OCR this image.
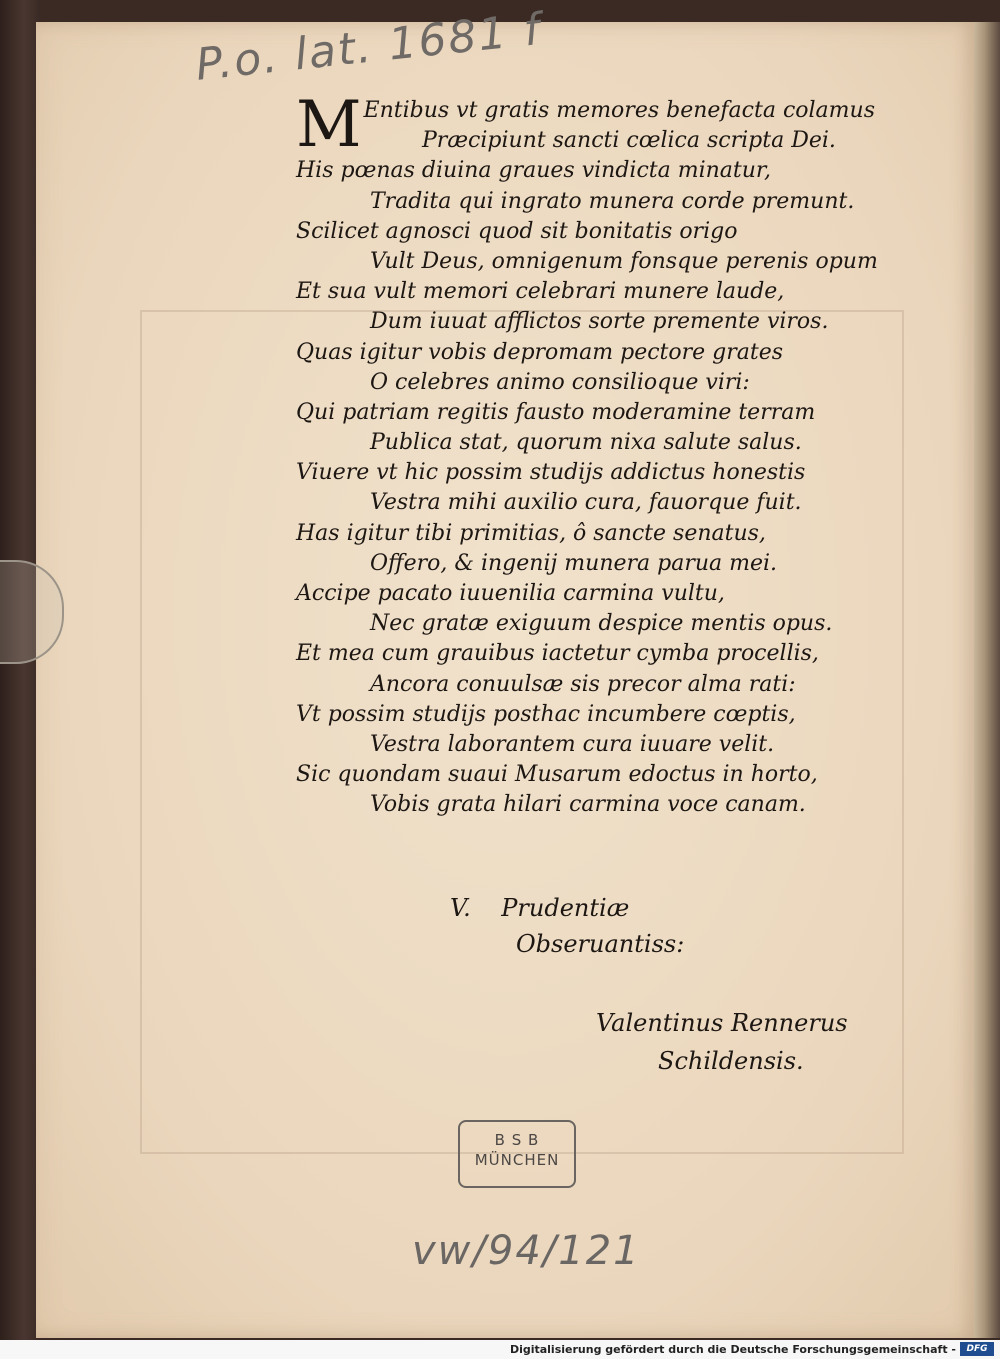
P.o. lat. 1681 f
M Entibus vt gratis memores benefacta colamus
Præcipiunt sancti cœlica scripta Dei.
His pœnas diuina graues vindicta minatur,
Tradita qui ingrato munera corde premunt.
Scilicet agnosci quod sit bonitatis origo
Vult Deus, omnigenum fonsque perenis opum
Et sua vult memori celebrari munere laude,
Dum iuuat afflictos sorte premente viros.
Quas igitur vobis depromam pectore grates
O celebres animo consilioque viri:
Qui patriam regitis fausto moderamine terram
Publica stat, quorum nixa salute salus.
Viuere vt hic possim studijs addictus honestis
Vestra mihi auxilio cura, fauorque fuit.
Has igitur tibi primitias, ô sancte senatus,
Offero, & ingenij munera parua mei.
Accipe pacato iuuenilia carmina vultu,
Nec gratæ exiguum despice mentis opus.
Et mea cum grauibus iactetur cymba procellis,
Ancora conuulsæ sis precor alma rati:
Vt possim studijs posthac incumbere cœptis,
Vestra laborantem cura iuuare velit.
Sic quondam suaui Musarum edoctus in horto,
Vobis grata hilari carmina voce canam.
V. Prudentiæ
Obseruantiss:
Valentinus Rennerus
Schildensis.
B S B
MÜNCHEN
vw/94/121
Digitalisierung gefördert durch die Deutsche Forschungsgemeinschaft -	DFG
